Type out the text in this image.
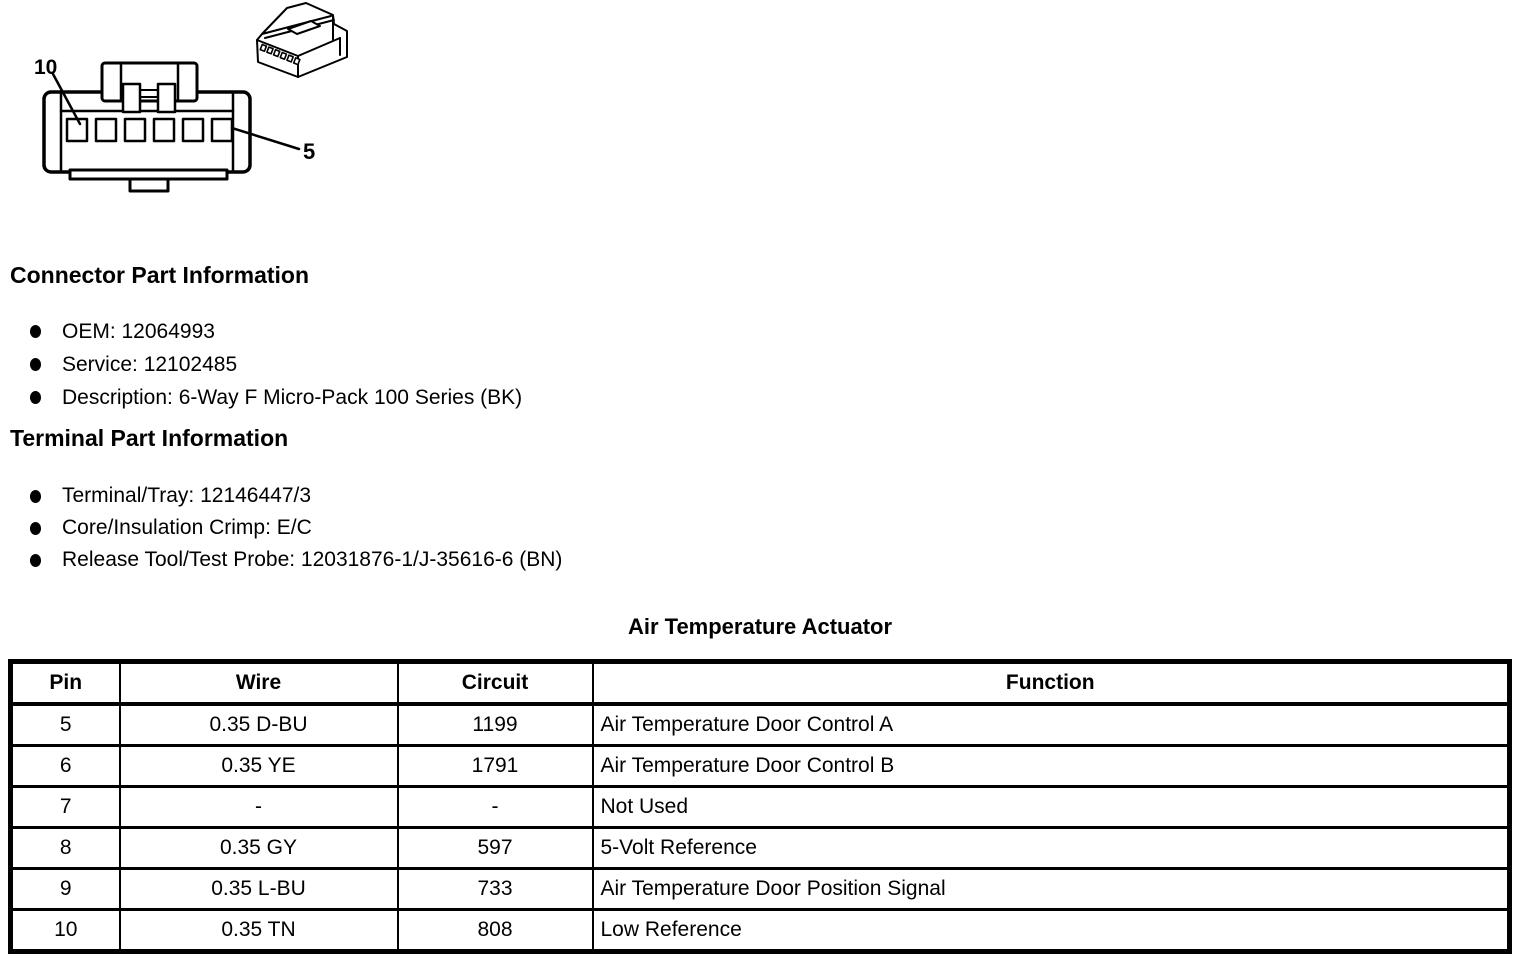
10
5
Connector Part Information
OEM: 12064993
Service: 12102485
Description: 6-Way F Micro-Pack 100 Series (BK)
Terminal Part Information
Terminal/Tray: 12146447/3
Core/Insulation Crimp: E/C
Release Tool/Test Probe: 12031876-1/J-35616-6 (BN)
Air Temperature Actuator
Pin	Wire	Circuit	Function
5	0.35 D-BU	1199	Air Temperature Door Control A
6	0.35 YE	1791	Air Temperature Door Control B
7	-	-	Not Used
8	0.35 GY	597	5-Volt Reference
9	0.35 L-BU	733	Air Temperature Door Position Signal
10	0.35 TN	808	Low Reference
